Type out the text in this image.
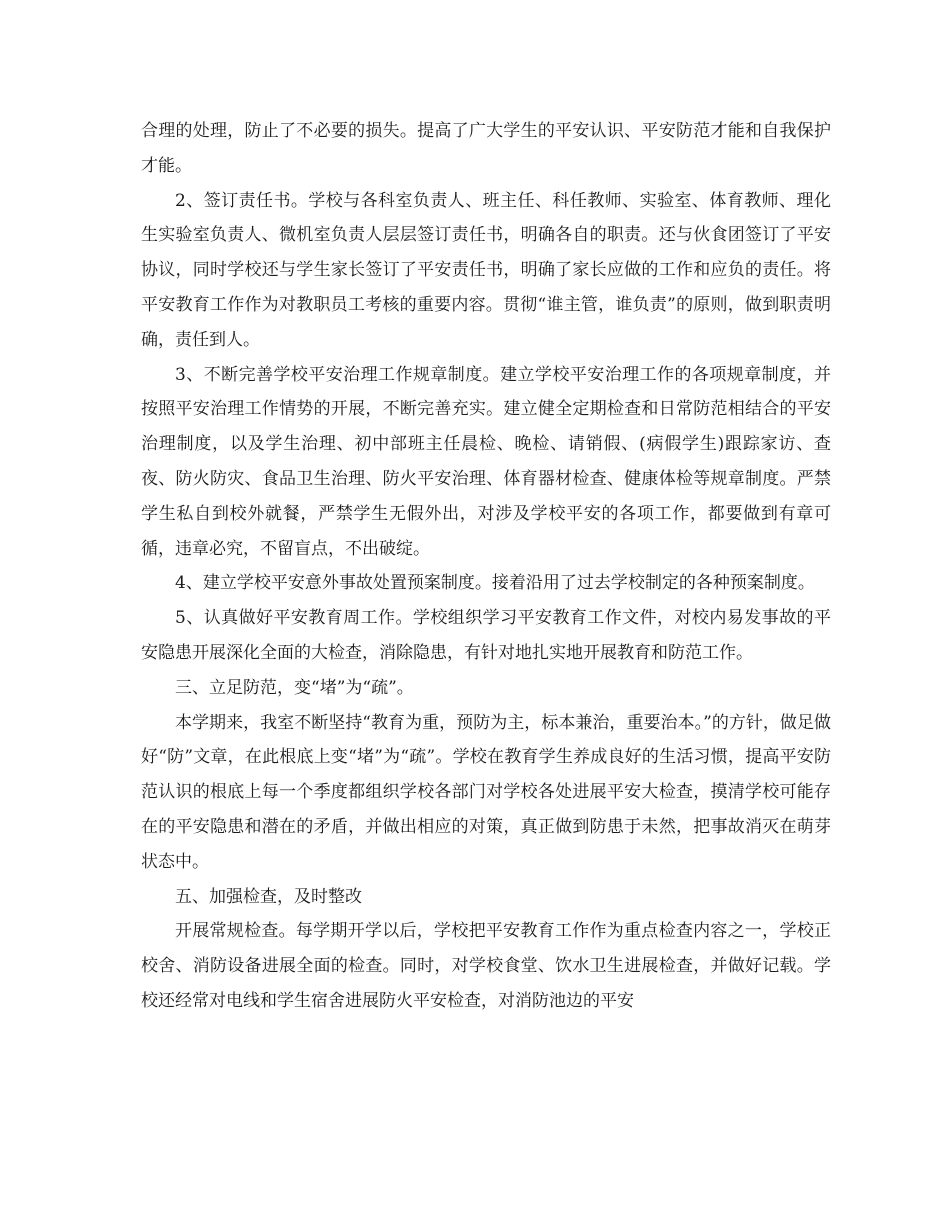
合理的处理，防止了不必要的损失。提高了广大学生的平安认识、平安防范才能和自我保护才能。

2、签订责任书。学校与各科室负责人、班主任、科任教师、实验室、体育教师、理化生实验室负责人、微机室负责人层层签订责任书，明确各自的职责。还与伙食团签订了平安协议，同时学校还与学生家长签订了平安责任书，明确了家长应做的工作和应负的责任。将平安教育工作作为对教职员工考核的重要内容。贯彻“谁主管，谁负责”的原则，做到职责明确，责任到人。

3、不断完善学校平安治理工作规章制度。建立学校平安治理工作的各项规章制度，并按照平安治理工作情势的开展，不断完善充实。建立健全定期检查和日常防范相结合的平安治理制度，以及学生治理、初中部班主任晨检、晚检、请销假、(病假学生)跟踪家访、查夜、防火防灾、食品卫生治理、防火平安治理、体育器材检查、健康体检等规章制度。严禁学生私自到校外就餐，严禁学生无假外出，对涉及学校平安的各项工作，都要做到有章可循，违章必究，不留盲点，不出破绽。

4、建立学校平安意外事故处置预案制度。接着沿用了过去学校制定的各种预案制度。

5、认真做好平安教育周工作。学校组织学习平安教育工作文件，对校内易发事故的平安隐患开展深化全面的大检查，消除隐患，有针对地扎实地开展教育和防范工作。

三、立足防范，变“堵”为“疏”。

本学期来，我室不断坚持“教育为重，预防为主，标本兼治，重要治本。”的方针，做足做好“防”文章，在此根底上变“堵”为“疏”。学校在教育学生养成良好的生活习惯，提高平安防范认识的根底上每一个季度都组织学校各部门对学校各处进展平安大检查，摸清学校可能存在的平安隐患和潜在的矛盾，并做出相应的对策，真正做到防患于未然，把事故消灭在萌芽状态中。

五、加强检查，及时整改

开展常规检查。每学期开学以后，学校把平安教育工作作为重点检查内容之一，学校正校舍、消防设备进展全面的检查。同时，对学校食堂、饮水卫生进展检查，并做好记载。学校还经常对电线和学生宿舍进展防火平安检查，对消防池边的平安
